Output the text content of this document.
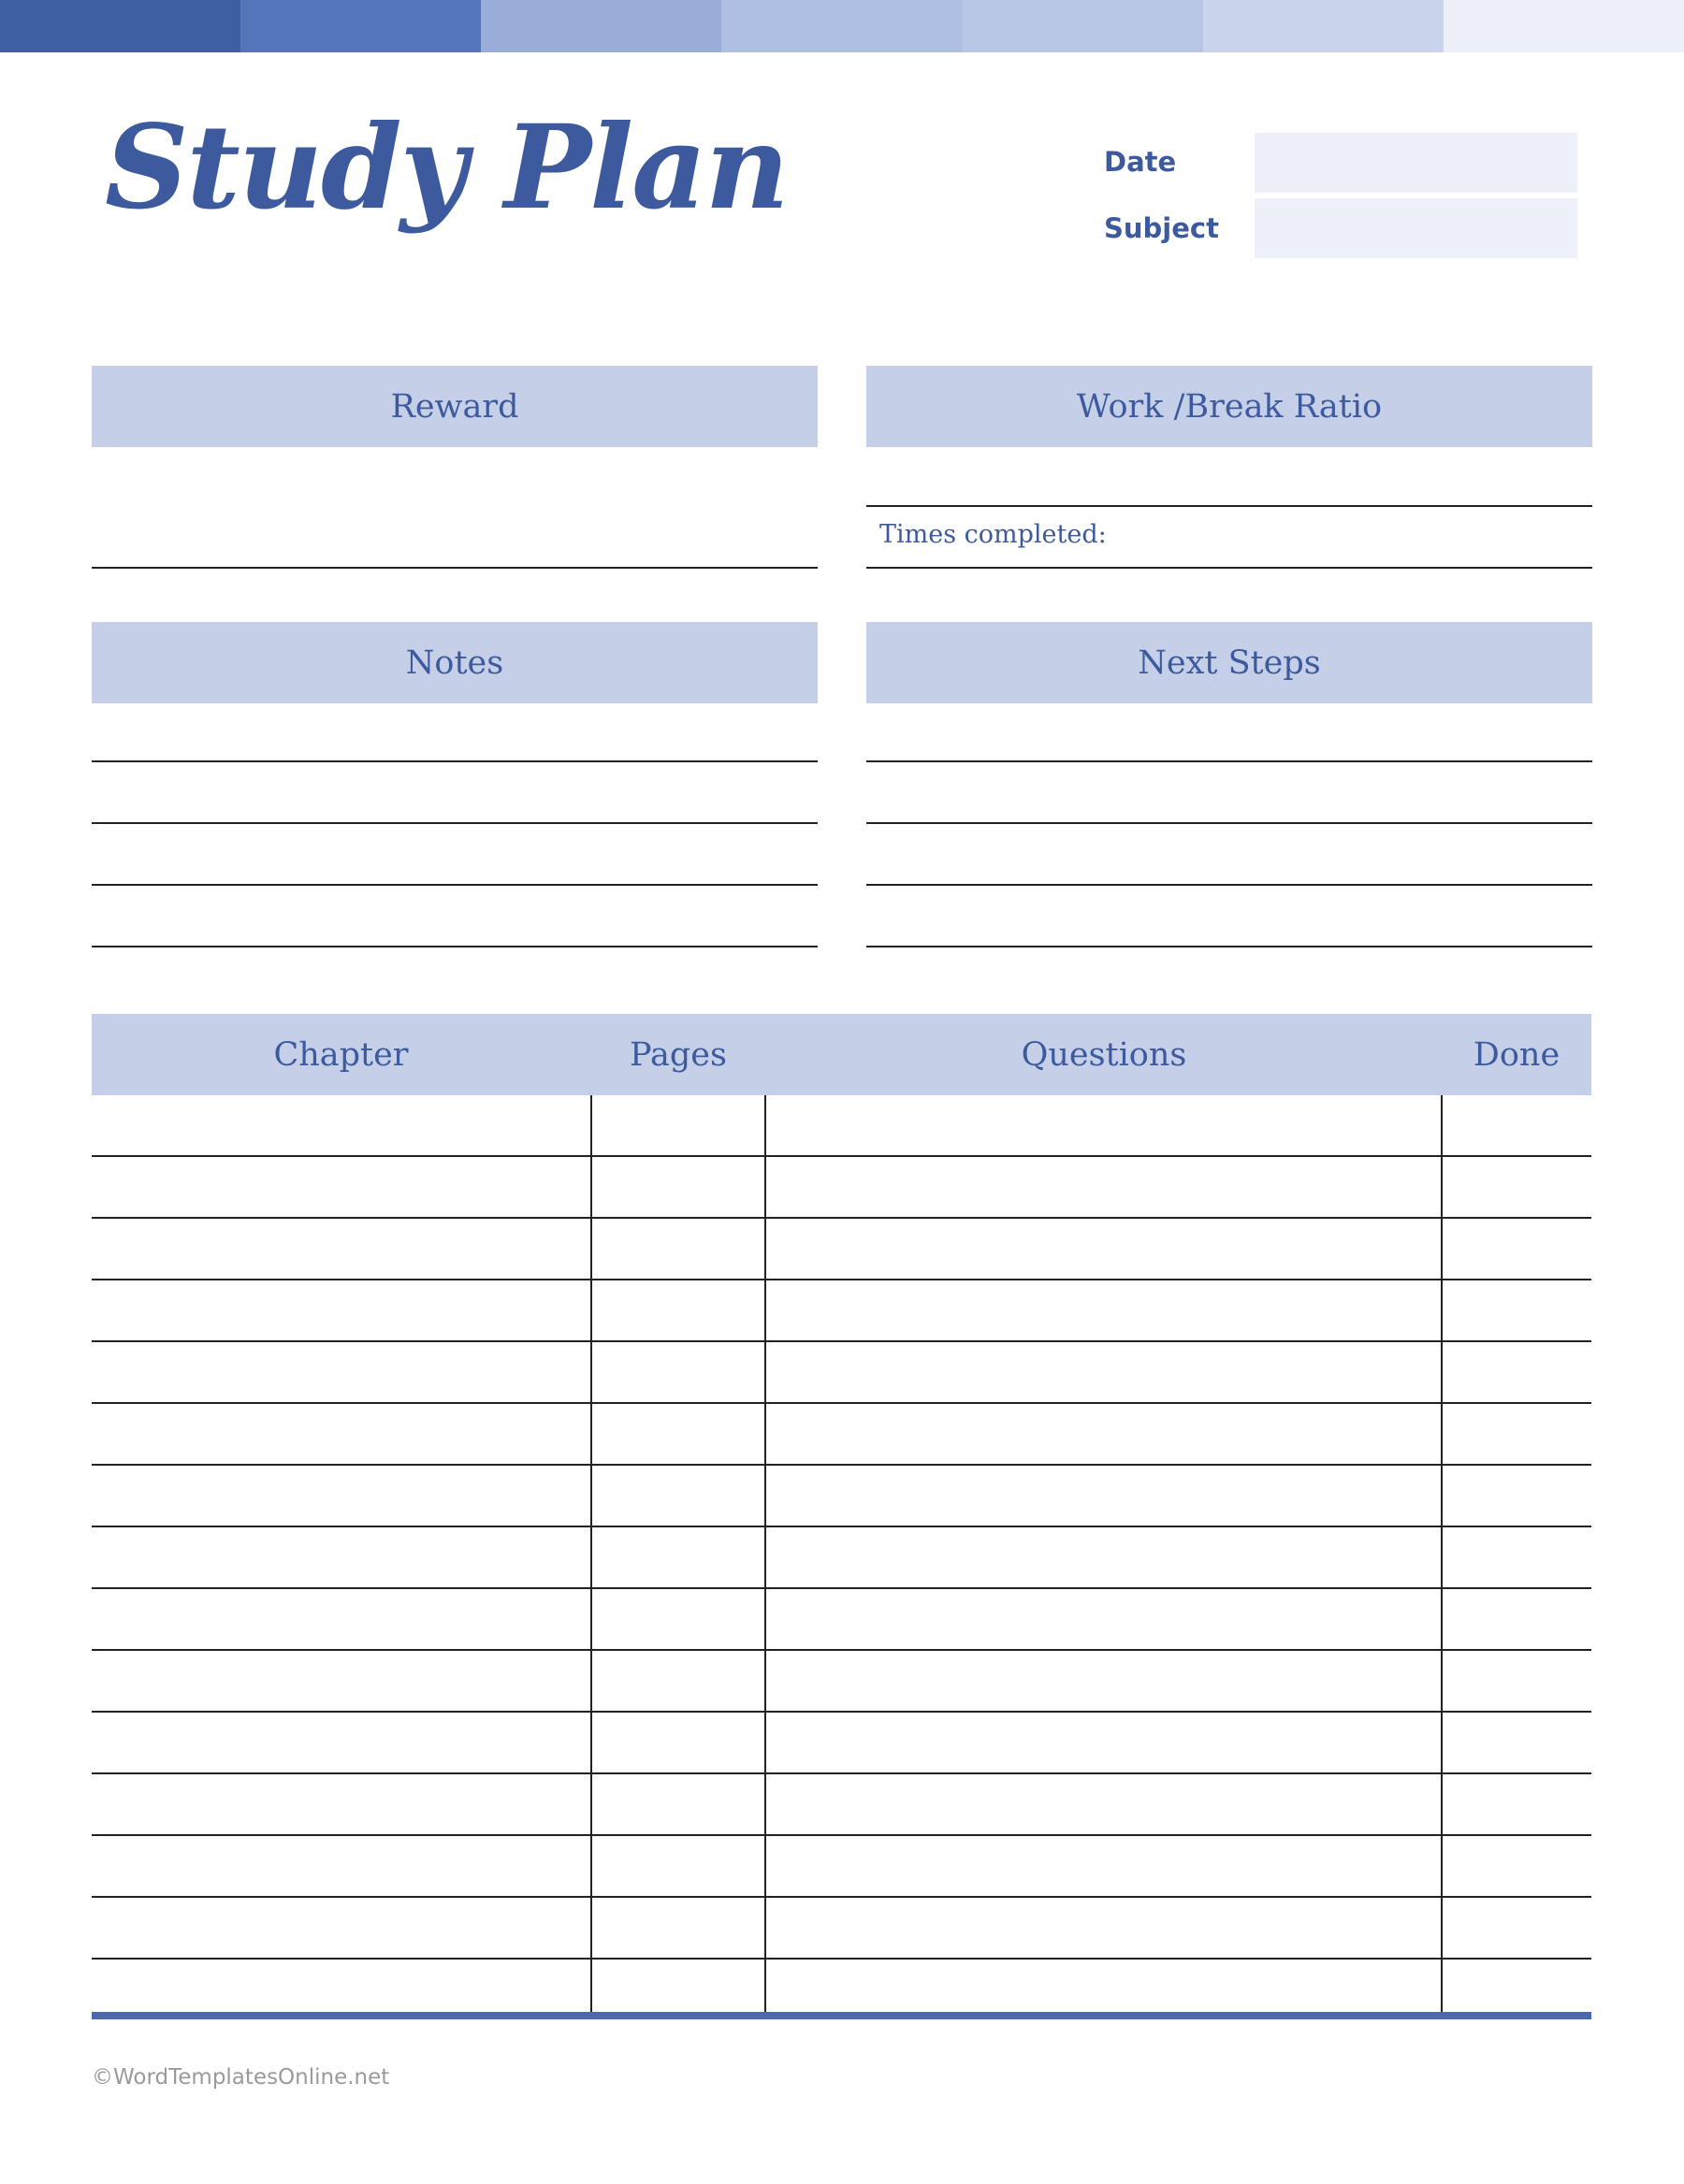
Study Plan	Date
Subject
Reward	Work /Break Ratio
Times completed:
Notes	Next Steps
Chapter	Pages	Questions	Done
©WordTemplatesOnline.net
